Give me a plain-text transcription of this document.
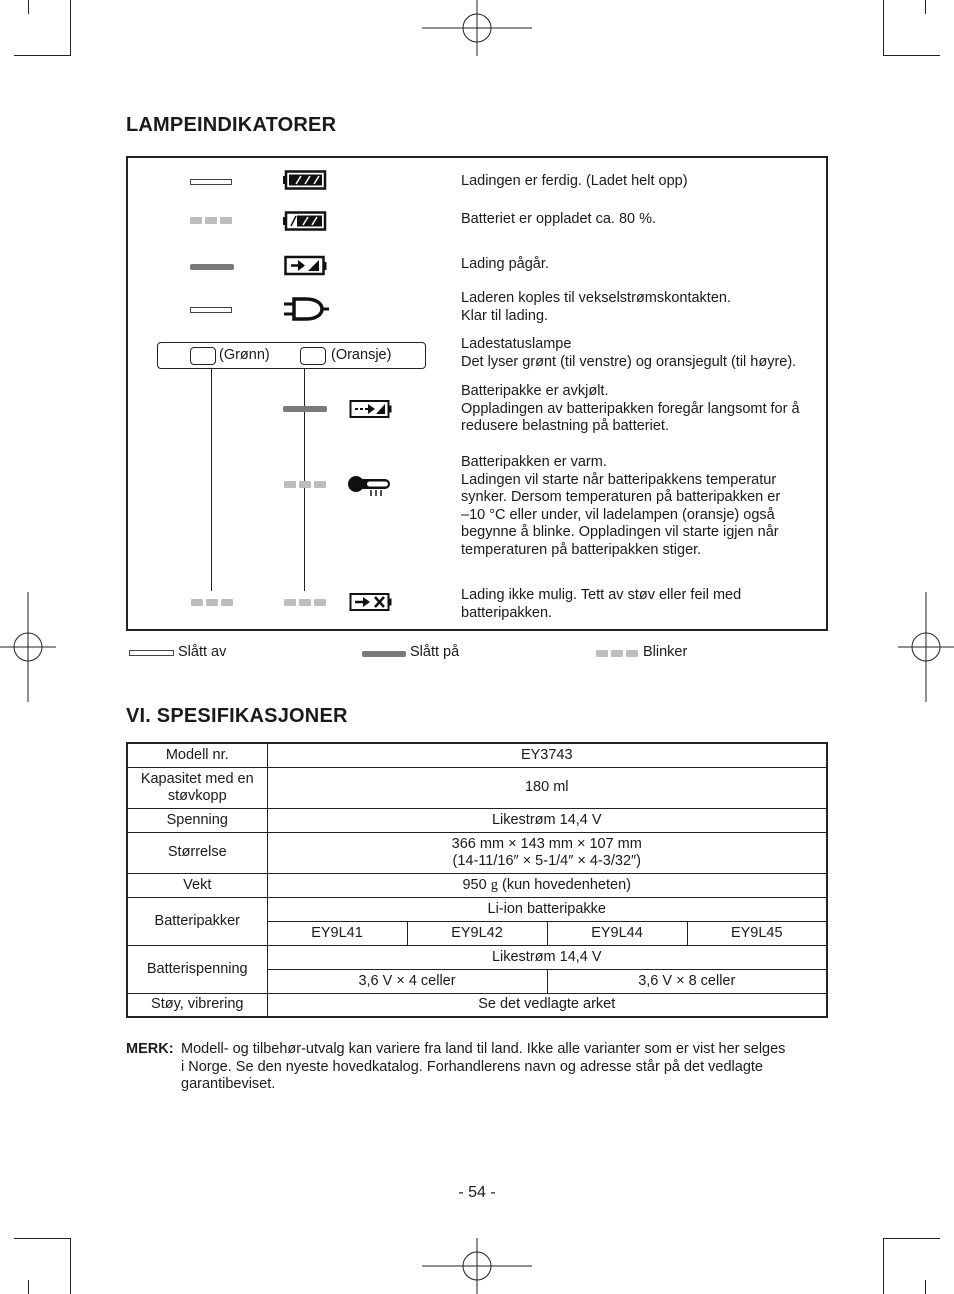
LAMPEINDIKATORER
Ladingen er ferdig. (Ladet helt opp)
Batteriet er oppladet ca. 80 %.
Lading pågår.
Laderen koples til vekselstrømskontakten.
Klar til lading.
(Grønn)	(Oransje)
Ladestatuslampe
Det lyser grønt (til venstre) og oransjegult (til høyre).
Batteripakke er avkjølt.
Oppladingen av batteripakken foregår langsomt for å
redusere belastning på batteriet.
Batteripakken er varm.
Ladingen vil starte når batteripakkens temperatur
synker. Dersom temperaturen på batteripakken er
–10 °C eller under, vil ladelampen (oransje) også
begynne å blinke. Oppladingen vil starte igjen når
temperaturen på batteripakken stiger.
Lading ikke mulig. Tett av støv eller feil med
batteripakken.
Slått av	Slått på	Blinker
VI. SPESIFIKASJONER
Modell nr.	EY3743			
Kapasitet med en
støvkopp	180 ml			
Spenning	Likestrøm 14,4 V			
Størrelse	366 mm × 143 mm × 107 mm
(14-11/16″ × 5-1/4″ × 4-3/32″)			
Vekt	950 g (kun hovedenheten)			
Batteripakker	Li-ion batteripakke			
	EY9L41	EY9L42	EY9L44	EY9L45
Batterispenning	Likestrøm 14,4 V			
	3,6 V × 4 celler		3,6 V × 8 celler	
Støy, vibrering	Se det vedlagte arket			
MERK: Modell- og tilbehør-utvalg kan variere fra land til land. Ikke alle varianter som er vist her selges
i Norge. Se den nyeste hovedkatalog. Forhandlerens navn og adresse står på det vedlagte
garantibeviset.
- 54 -
